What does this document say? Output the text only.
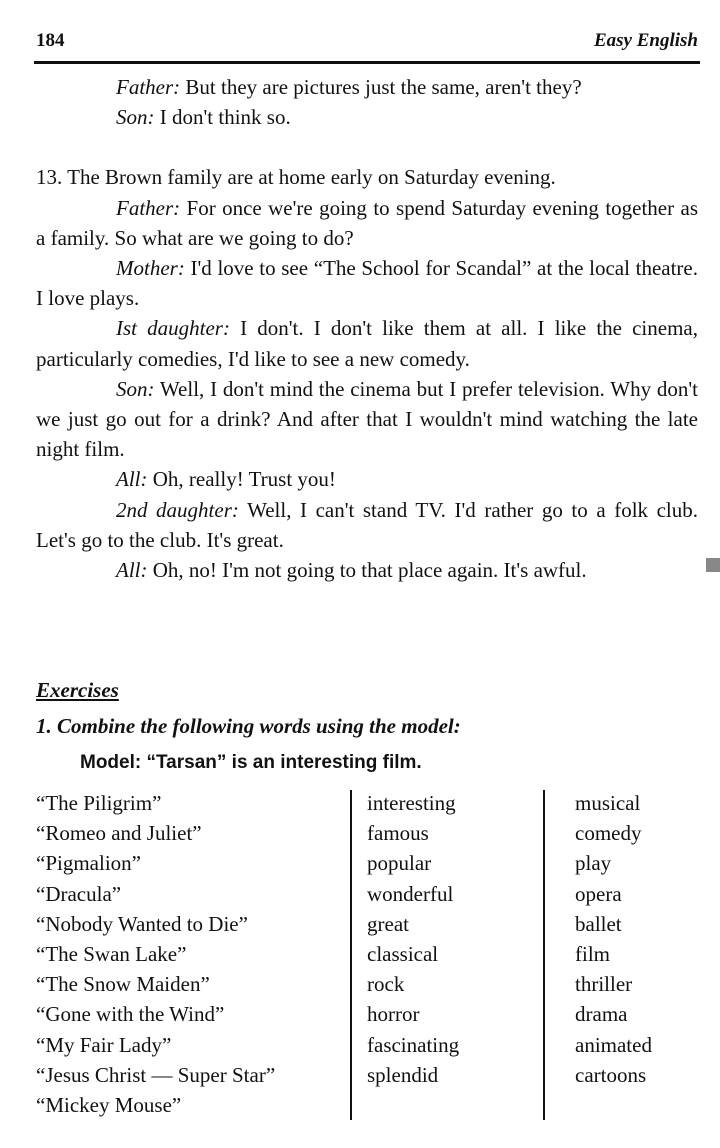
184	Easy English

Father: But they are pictures just the same, aren't they?

Son: I don't think so.

13. The Brown family are at home early on Saturday evening.

Father: For once we're going to spend Saturday evening together as a family. So what are we going to do?

Mother: I'd love to see “The School for Scandal” at the local theatre. I love plays.

Ist daughter: I don't. I don't like them at all. I like the cinema, particularly comedies, I'd like to see a new comedy.

Son: Well, I don't mind the cinema but I prefer television. Why don't we just go out for a drink? And after that I wouldn't mind watching the late night film.

All: Oh, really! Trust you!

2nd daughter: Well, I can't stand TV. I'd rather go to a folk club. Let's go to the club. It's great.

All: Oh, no! I'm not going to that place again. It's awful.

Exercises

1. Combine the following words using the model:

Model: “Tarsan” is an interesting film.

“The Piligrim”
“Romeo and Juliet”
“Pigmalion”
“Dracula”
“Nobody Wanted to Die”
“The Swan Lake”
“The Snow Maiden”
“Gone with the Wind”
“My Fair Lady”
“Jesus Christ — Super Star”
“Mickey Mouse”
interesting
famous
popular
wonderful
great
classical
rock
horror
fascinating
splendid
musical
comedy
play
opera
ballet
film
thriller
drama
animated
cartoons
